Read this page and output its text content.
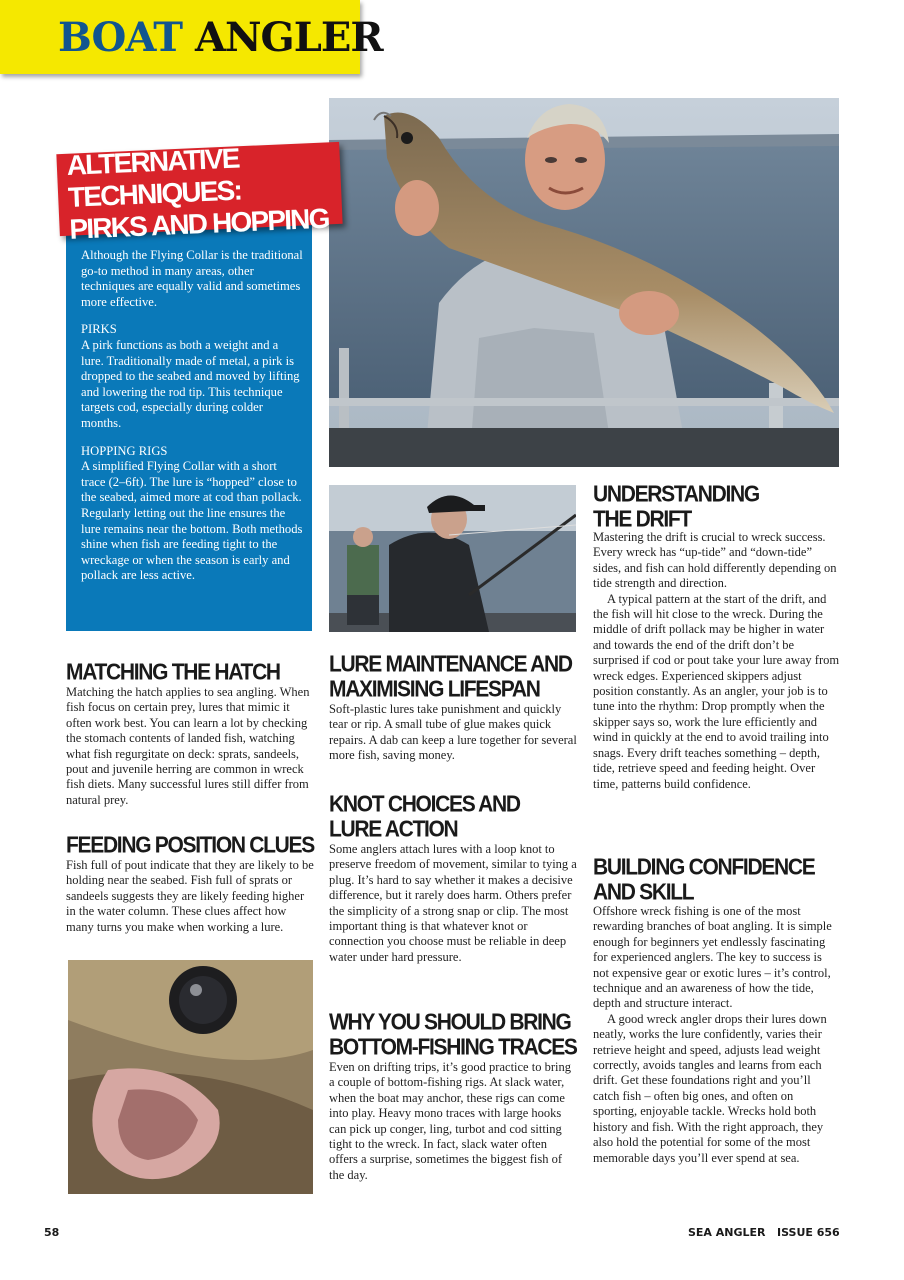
BOAT ANGLER
ALTERNATIVE TECHNIQUES:
PIRKS AND HOPPING

Although the Flying Collar is the traditional go-to method in many areas, other techniques are equally valid and sometimes more effective.

PIRKS
A pirk functions as both a weight and a lure. Traditionally made of metal, a pirk is dropped to the seabed and moved by lifting and lowering the rod tip. This technique targets cod, especially during colder months.

HOPPING RIGS
A simplified Flying Collar with a short trace (2–6ft). The lure is “hopped” close to the seabed, aimed more at cod than pollack. Regularly letting out the line ensures the lure remains near the bottom. Both methods shine when fish are feeding tight to the wreckage or when the season is early and pollack are less active.

MATCHING THE HATCH

Matching the hatch applies to sea angling. When fish focus on certain prey, lures that mimic it often work best. You can learn a lot by checking the stomach contents of landed fish, watching what fish regurgitate on deck: sprats, sandeels, pout and juvenile herring are common in wreck fish diets. Many successful lures still differ from natural prey.

FEEDING POSITION CLUES

Fish full of pout indicate that they are likely to be holding near the seabed. Fish full of sprats or sandeels suggests they are likely feeding higher in the water column. These clues affect how many turns you make when working a lure.

LURE MAINTENANCE AND
MAXIMISING LIFESPAN

Soft-plastic lures take punishment and quickly tear or rip. A small tube of glue makes quick repairs. A dab can keep a lure together for several more fish, saving money.

KNOT CHOICES AND
LURE ACTION

Some anglers attach lures with a loop knot to preserve freedom of movement, similar to tying a plug. It’s hard to say whether it makes a decisive difference, but it rarely does harm. Others prefer the simplicity of a strong snap or clip. The most important thing is that whatever knot or connection you choose must be reliable in deep water under hard pressure.

WHY YOU SHOULD BRING
BOTTOM-FISHING TRACES

Even on drifting trips, it’s good practice to bring a couple of bottom-fishing rigs. At slack water, when the boat may anchor, these rigs can come into play. Heavy mono traces with large hooks can pick up conger, ling, turbot and cod sitting tight to the wreck. In fact, slack water often offers a surprise, sometimes the biggest fish of the day.

UNDERSTANDING
THE DRIFT

Mastering the drift is crucial to wreck success. Every wreck has “up-tide” and “down-tide” sides, and fish can hold differently depending on tide strength and direction.

A typical pattern at the start of the drift, and the fish will hit close to the wreck. During the middle of drift pollack may be higher in water and towards the end of the drift don’t be surprised if cod or pout take your lure away from wreck edges. Experienced skippers adjust position constantly. As an angler, your job is to tune into the rhythm: Drop promptly when the skipper says so, work the lure efficiently and wind in quickly at the end to avoid trailing into snags. Every drift teaches something – depth, tide, retrieve speed and feeding height. Over time, patterns build confidence.

BUILDING CONFIDENCE
AND SKILL

Offshore wreck fishing is one of the most rewarding branches of boat angling. It is simple enough for beginners yet endlessly fascinating for experienced anglers. The key to success is not expensive gear or exotic lures – it’s control, technique and an awareness of how the tide, depth and structure interact.

A good wreck angler drops their lures down neatly, works the lure confidently, varies their retrieve height and speed, adjusts lead weight correctly, avoids tangles and learns from each drift. Get these foundations right and you’ll catch fish – often big ones, and often on sporting, enjoyable tackle. Wrecks hold both history and fish. With the right approach, they also hold the potential for some of the most memorable days you’ll ever spend at sea.

58	SEA ANGLER ISSUE 656
